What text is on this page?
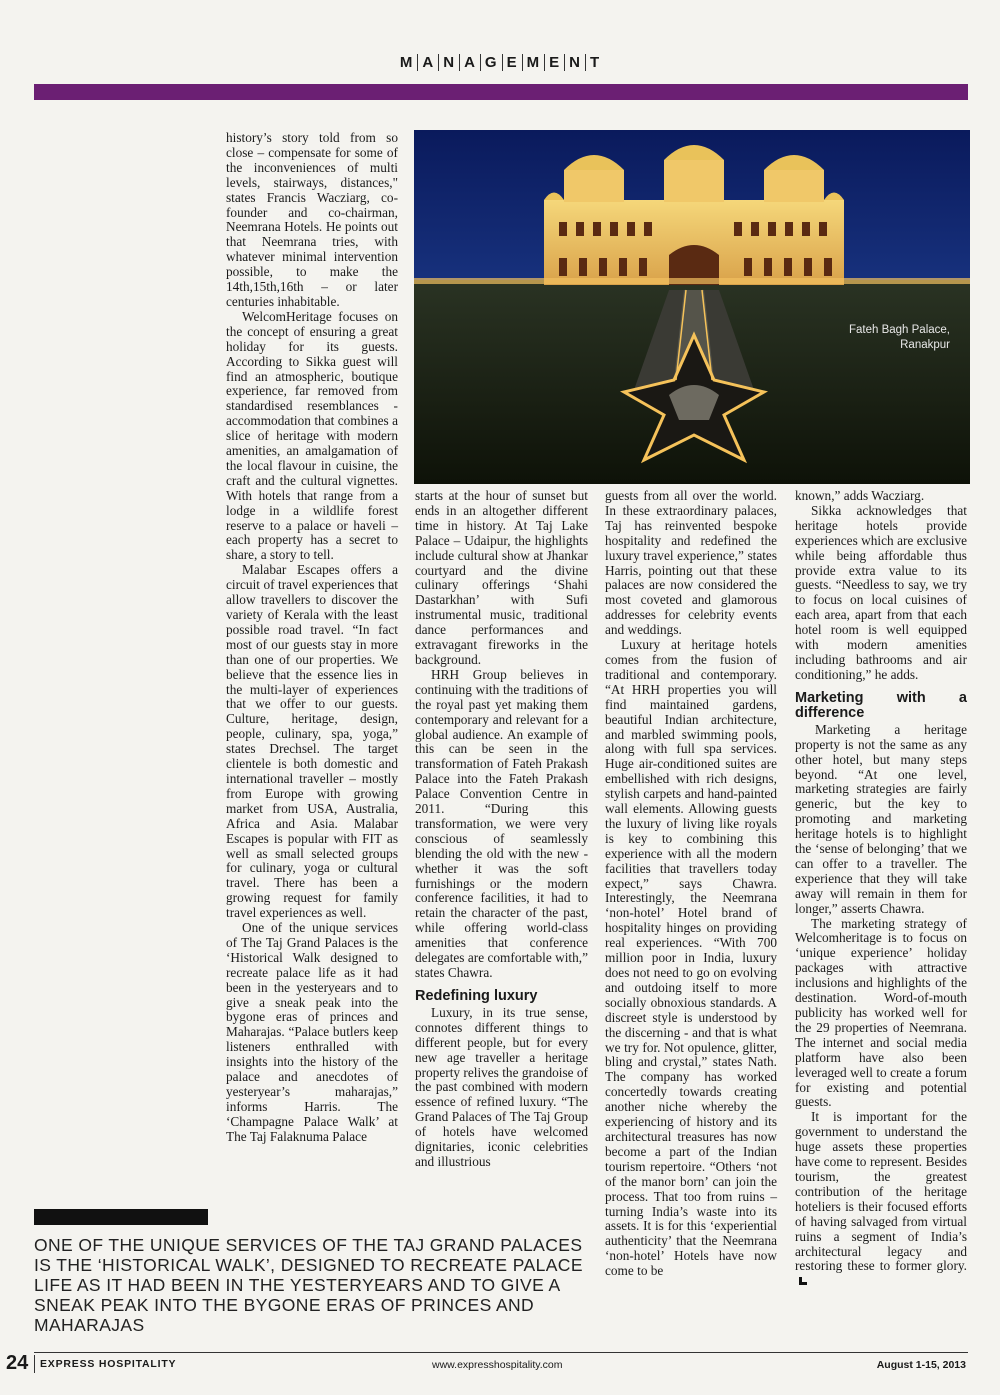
M A N A G E M E N T

history’s story told from so close – compensate for some of the inconveniences of multi levels, stairways, distances," states Francis Wacziarg, co-founder and co-chairman, Neemrana Hotels. He points out that Neemrana tries, with whatever minimal intervention possible, to make the 14th,15th,16th – or later centuries inhabitable.

WelcomHeritage focuses on the concept of ensuring a great holiday for its guests. According to Sikka guest will find an atmospheric, boutique experience, far removed from standardised resemblances - accommodation that combines a slice of heritage with modern amenities, an amalgamation of the local flavour in cuisine, the craft and the cultural vignettes. With hotels that range from a lodge in a wildlife forest reserve to a palace or haveli – each property has a secret to share, a story to tell.

Malabar Escapes offers a circuit of travel experiences that allow travellers to discover the variety of Kerala with the least possible road travel. “In fact most of our guests stay in more than one of our properties. We believe that the essence lies in the multi-layer of experiences that we offer to our guests. Culture, heritage, design, people, culinary, spa, yoga,” states Drechsel. The target clientele is both domestic and international traveller – mostly from Europe with growing market from USA, Australia, Africa and Asia. Malabar Escapes is popular with FIT as well as small selected groups for culinary, yoga or cultural travel. There has been a growing request for family travel experiences as well.

One of the unique services of The Taj Grand Palaces is the ‘Historical Walk designed to recreate palace life as it had been in the yesteryears and to give a sneak peak into the bygone eras of princes and Maharajas. “Palace butlers keep listeners enthralled with insights into the history of the palace and anecdotes of yesteryear’s maharajas,” informs Harris. The ‘Champagne Palace Walk’ at The Taj Falaknuma Palace

Fateh Bagh Palace,
Ranakpur

starts at the hour of sunset but ends in an altogether different time in history. At Taj Lake Palace – Udaipur, the highlights include cultural show at Jhankar courtyard and the divine culinary offerings ‘Shahi Dastarkhan’ with Sufi instrumental music, traditional dance performances and extravagant fireworks in the background.

HRH Group believes in continuing with the traditions of the royal past yet making them contemporary and relevant for a global audience. An example of this can be seen in the transformation of Fateh Prakash Palace into the Fateh Prakash Palace Convention Centre in 2011. “During this transformation, we were very conscious of seamlessly blending the old with the new - whether it was the soft furnishings or the modern conference facilities, it had to retain the character of the past, while offering world-class amenities that conference delegates are comfortable with,” states Chawra.

Redefining luxury

Luxury, in its true sense, connotes different things to different people, but for every new age traveller a heritage property relives the grandoise of the past combined with modern essence of refined luxury. “The Grand Palaces of The Taj Group of hotels have welcomed dignitaries, iconic celebrities and illustrious

guests from all over the world. In these extraordinary palaces, Taj has reinvented bespoke hospitality and redefined the luxury travel experience,” states Harris, pointing out that these palaces are now considered the most coveted and glamorous addresses for celebrity events and weddings.

Luxury at heritage hotels comes from the fusion of traditional and contemporary. “At HRH properties you will find maintained gardens, beautiful Indian architecture, and marbled swimming pools, along with full spa services. Huge air-conditioned suites are embellished with rich designs, stylish carpets and hand-painted wall elements. Allowing guests the luxury of living like royals is key to combining this experience with all the modern facilities that travellers today expect,” says Chawra. Interestingly, the Neemrana ‘non-hotel’ Hotel brand of hospitality hinges on providing real experiences. “With 700 million poor in India, luxury does not need to go on evolving and outdoing itself to more socially obnoxious standards. A discreet style is understood by the discerning - and that is what we try for. Not opulence, glitter, bling and crystal,” states Nath. The company has worked concertedly towards creating another niche whereby the experiencing of history and its architectural treasures has now become a part of the Indian tourism repertoire. “Others ‘not of the manor born’ can join the process. That too from ruins – turning India’s waste into its assets. It is for this ‘experiential authenticity’ that the Neemrana ‘non-hotel’ Hotels have now come to be

known,” adds Wacziarg.

Sikka acknowledges that heritage hotels provide experiences which are exclusive while being affordable thus provide extra value to its guests. “Needless to say, we try to focus on local cuisines of each area, apart from that each hotel room is well equipped with modern amenities including bathrooms and air conditioning,” he adds.

Marketing with a difference

Marketing a heritage property is not the same as any other hotel, but many steps beyond. “At one level, marketing strategies are fairly generic, but the key to promoting and marketing heritage hotels is to highlight the ‘sense of belonging’ that we can offer to a traveller. The experience that they will take away will remain in them for longer,” asserts Chawra.

The marketing strategy of Welcomheritage is to focus on ‘unique experience’ holiday packages with attractive inclusions and highlights of the destination. Word-of-mouth publicity has worked well for the 29 properties of Neemrana. The internet and social media platform have also been leveraged well to create a forum for existing and potential guests.

It is important for the government to understand the huge assets these properties have come to represent. Besides tourism, the greatest contribution of the heritage hoteliers is their focused efforts of having salvaged from virtual ruins a segment of India’s architectural legacy and restoring these to former glory.

ONE OF THE UNIQUE SERVICES OF THE TAJ GRAND PALACES IS THE ‘HISTORICAL WALK’, DESIGNED TO RECREATE PALACE LIFE AS IT HAD BEEN IN THE YESTERYEARS AND TO GIVE A SNEAK PEAK INTO THE BYGONE ERAS OF PRINCES AND MAHARAJAS
24 EXPRESS HOSPITALITY	www.expresshospitality.com	August 1-15, 2013
